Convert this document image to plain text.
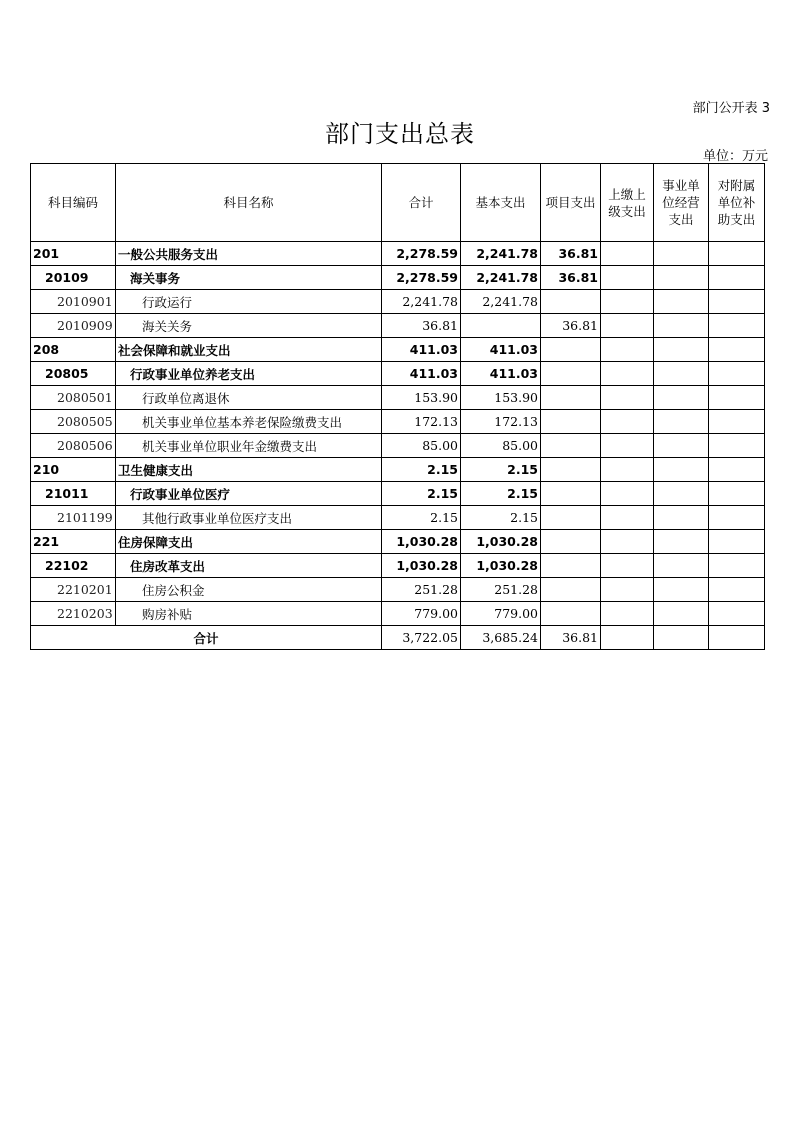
部门公开表 3
部门支出总表
单位：万元
科目编码	科目名称	合计	基本支出	项目支出	上缴上级支出	事业单位经营支出	对附属单位补助支出
201	一般公共服务支出	2,278.59	2,241.78	36.81			
20109	海关事务	2,278.59	2,241.78	36.81			
2010901	行政运行	2,241.78	2,241.78				
2010909	海关关务	36.81		36.81			
208	社会保障和就业支出	411.03	411.03				
20805	行政事业单位养老支出	411.03	411.03				
2080501	行政单位离退休	153.90	153.90				
2080505	机关事业单位基本养老保险缴费支出	172.13	172.13				
2080506	机关事业单位职业年金缴费支出	85.00	85.00				
210	卫生健康支出	2.15	2.15				
21011	行政事业单位医疗	2.15	2.15				
2101199	其他行政事业单位医疗支出	2.15	2.15				
221	住房保障支出	1,030.28	1,030.28				
22102	住房改革支出	1,030.28	1,030.28				
2210201	住房公积金	251.28	251.28				
2210203	购房补贴	779.00	779.00				
合计		3,722.05	3,685.24	36.81			
